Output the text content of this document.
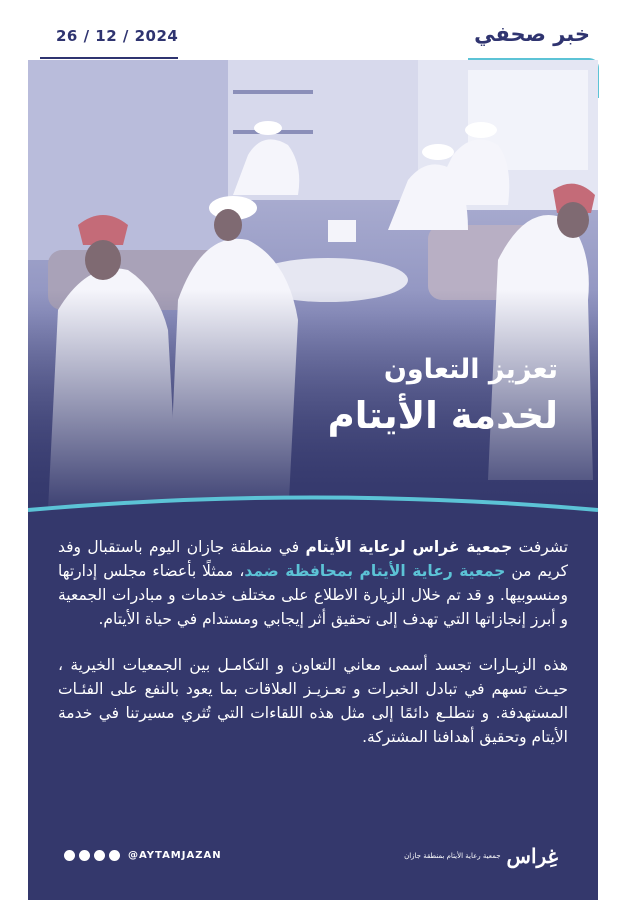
26 / 12 / 2024	خبر صحفي
تعزيز التعاون
لخدمة الأيتام

تشرفت جمعية غراس لرعاية الأيتام في منطقة جازان اليوم باستقبال وفد كريم من جمعية رعاية الأيتام بمحافظة ضمد، ممثلًا بأعضاء مجلس إدارتها ومنسوبيها. و قد تم خلال الزيارة الاطلاع على مختلف خدمات و مبادرات الجمعية و أبرز إنجازاتها التي تهدف إلى تحقيق أثر إيجابي ومستدام في حياة الأيتام.

هذه الزيـارات تجسد أسمى معاني التعاون و التكامـل بين الجمعيات الخيرية ، حيـث تسهم في تبادل الخبرات و تعـزيـز العلاقات بما يعود بالنفع على الفئـات المستهدفة. و نتطلـع دائمًا إلى مثل هذه اللقاءات التي تُثري مسيرتنا في خدمة الأيتام وتحقيق أهدافنا المشتركة.

@AYTAMJAZAN	غِراس
جمعية رعاية الأيتام بمنطقة جازان
